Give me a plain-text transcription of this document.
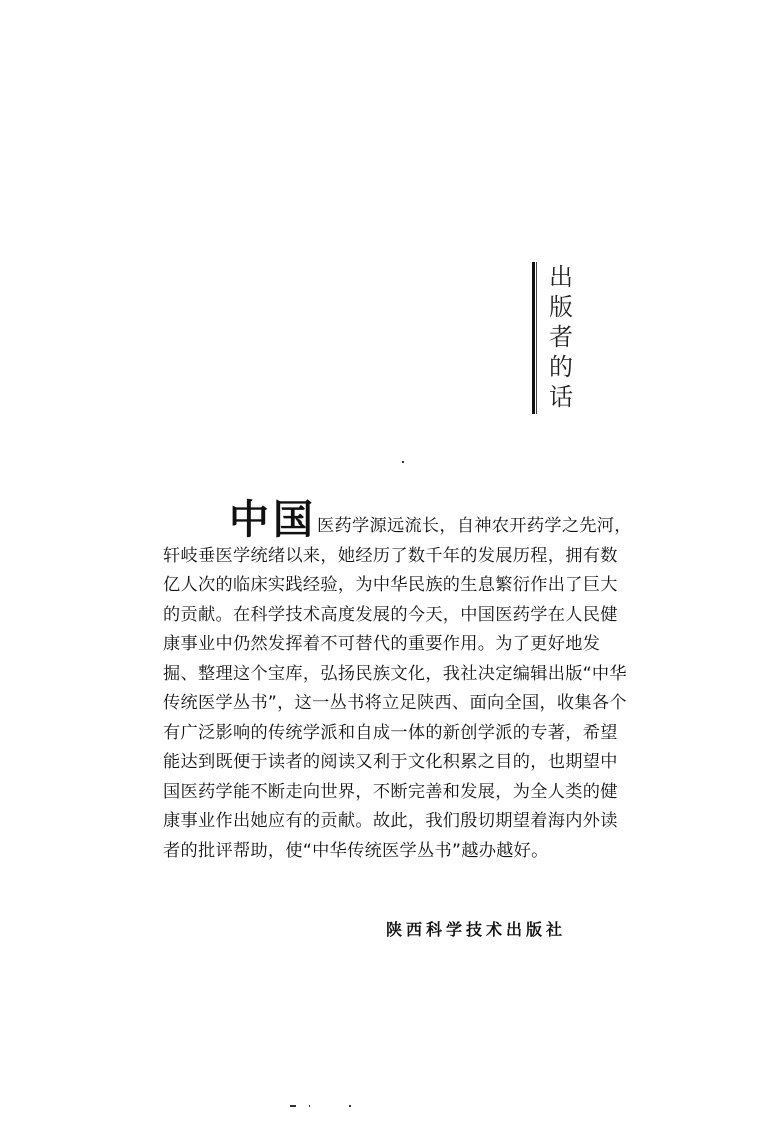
出
版
者
的
话
中国医药学源远流长，自神农开药学之先河，
轩岐垂医学统绪以来，她经历了数千年的发展历程，拥有数
亿人次的临床实践经验，为中华民族的生息繁衍作出了巨大
的贡献。在科学技术高度发展的今天，中国医药学在人民健
康事业中仍然发挥着不可替代的重要作用。为了更好地发
掘、整理这个宝库，弘扬民族文化，我社决定编辑出版“中华
传统医学丛书”，这一丛书将立足陕西、面向全国，收集各个
有广泛影响的传统学派和自成一体的新创学派的专著，希望
能达到既便于读者的阅读又利于文化积累之目的，也期望中
国医药学能不断走向世界，不断完善和发展，为全人类的健
康事业作出她应有的贡献。故此，我们殷切期望着海内外读
者的批评帮助，使“中华传统医学丛书”越办越好。
陕西科学技术出版社
